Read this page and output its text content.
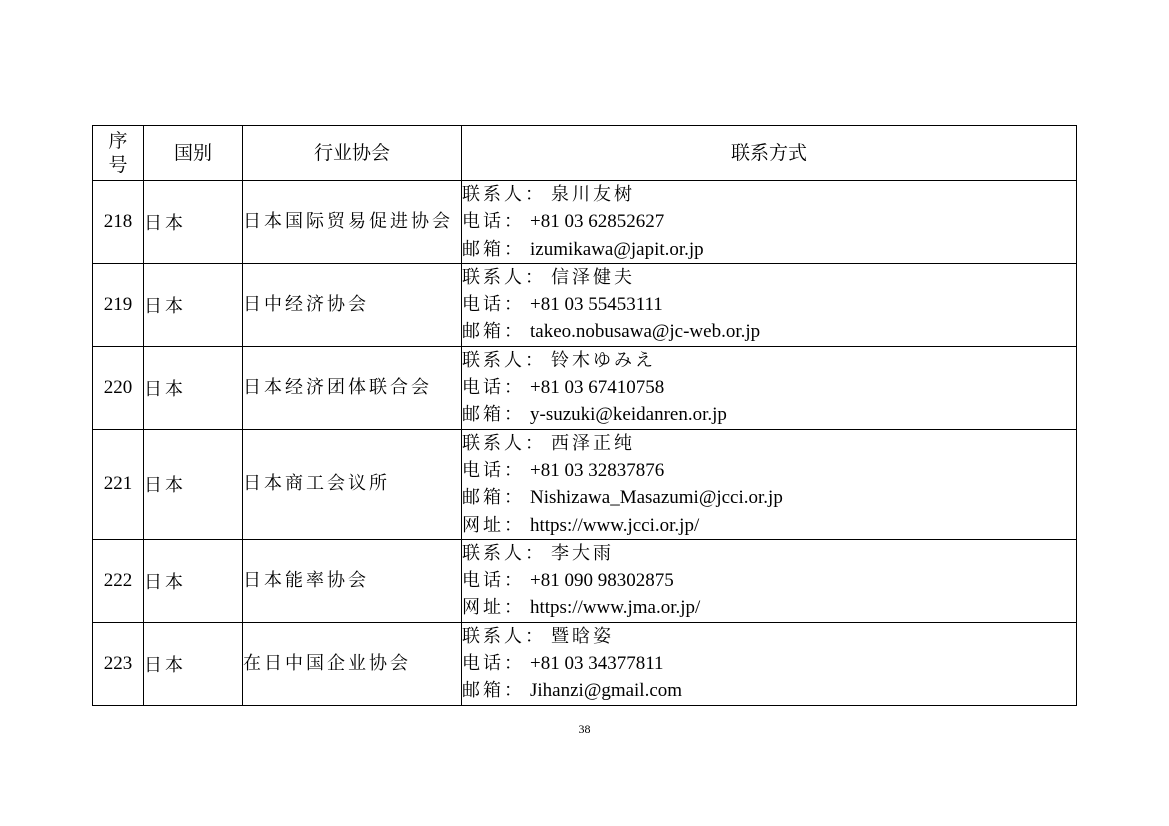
序
号	国别	行业协会	联系方式
218	日本	日本国际贸易促进协会	联系人： 泉川友树
电话： +81 03 62852627
邮箱： izumikawa@japit.or.jp

219	日本	日中经济协会	联系人： 信泽健夫
电话： +81 03 55453111
邮箱： takeo.nobusawa@jc-web.or.jp

220	日本	日本经济团体联合会	联系人： 铃木ゆみえ
电话： +81 03 67410758
邮箱： y-suzuki@keidanren.or.jp

221	日本	日本商工会议所	联系人： 西泽正纯
电话： +81 03 32837876
邮箱： Nishizawa_Masazumi@jcci.or.jp
网址： https://www.jcci.or.jp/

222	日本	日本能率协会	联系人： 李大雨
电话： +81 090 98302875
网址： https://www.jma.or.jp/

223	日本	在日中国企业协会	联系人： 暨晗姿
电话： +81 03 34377811
邮箱： Jihanzi@gmail.com
38
